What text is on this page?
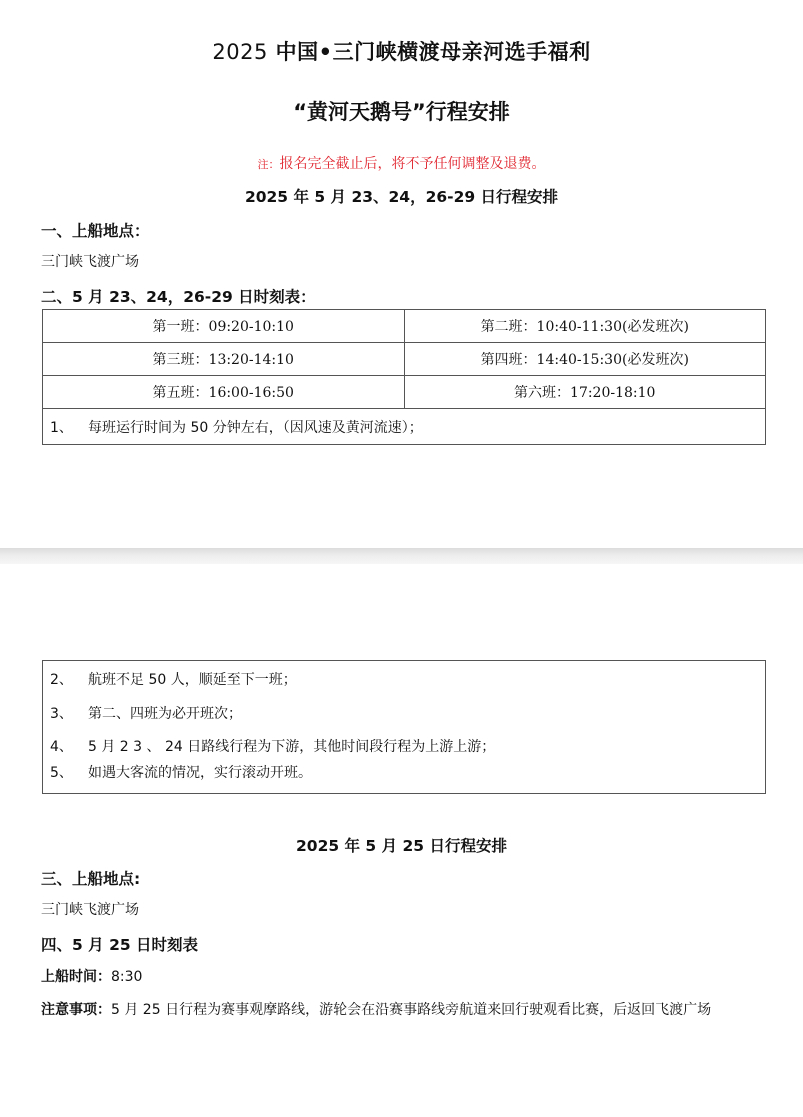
2025 中国•三门峡横渡母亲河选手福利
“黄河天鹅号”行程安排
注：报名完全截止后，将不予任何调整及退费。
2025 年 5 月 23、24，26-29 日行程安排
一、上船地点：
三门峡飞渡广场
二、5 月 23、24，26-29 日时刻表：
第一班：09:20-10:10	第二班：10:40-11:30(必发班次)
第三班：13:20-14:10	第四班：14:40-15:30(必发班次)
第五班：16:00-16:50	第六班：17:20-18:10
1、 每班运行时间为 50 分钟左右，（因风速及黄河流速）；	
2、 航班不足 50 人，顺延至下一班；
3、 第二、四班为必开班次；
4、 5 月 2 3 、 24 日路线行程为下游，其他时间段行程为上游上游；
5、 如遇大客流的情况，实行滚动开班。
2025 年 5 月 25 日行程安排
三、上船地点:
三门峡飞渡广场
四、5 月 25 日时刻表
上船时间：8:30
注意事项：5 月 25 日行程为赛事观摩路线，游轮会在沿赛事路线旁航道来回行驶观看比赛，后返回飞渡广场
